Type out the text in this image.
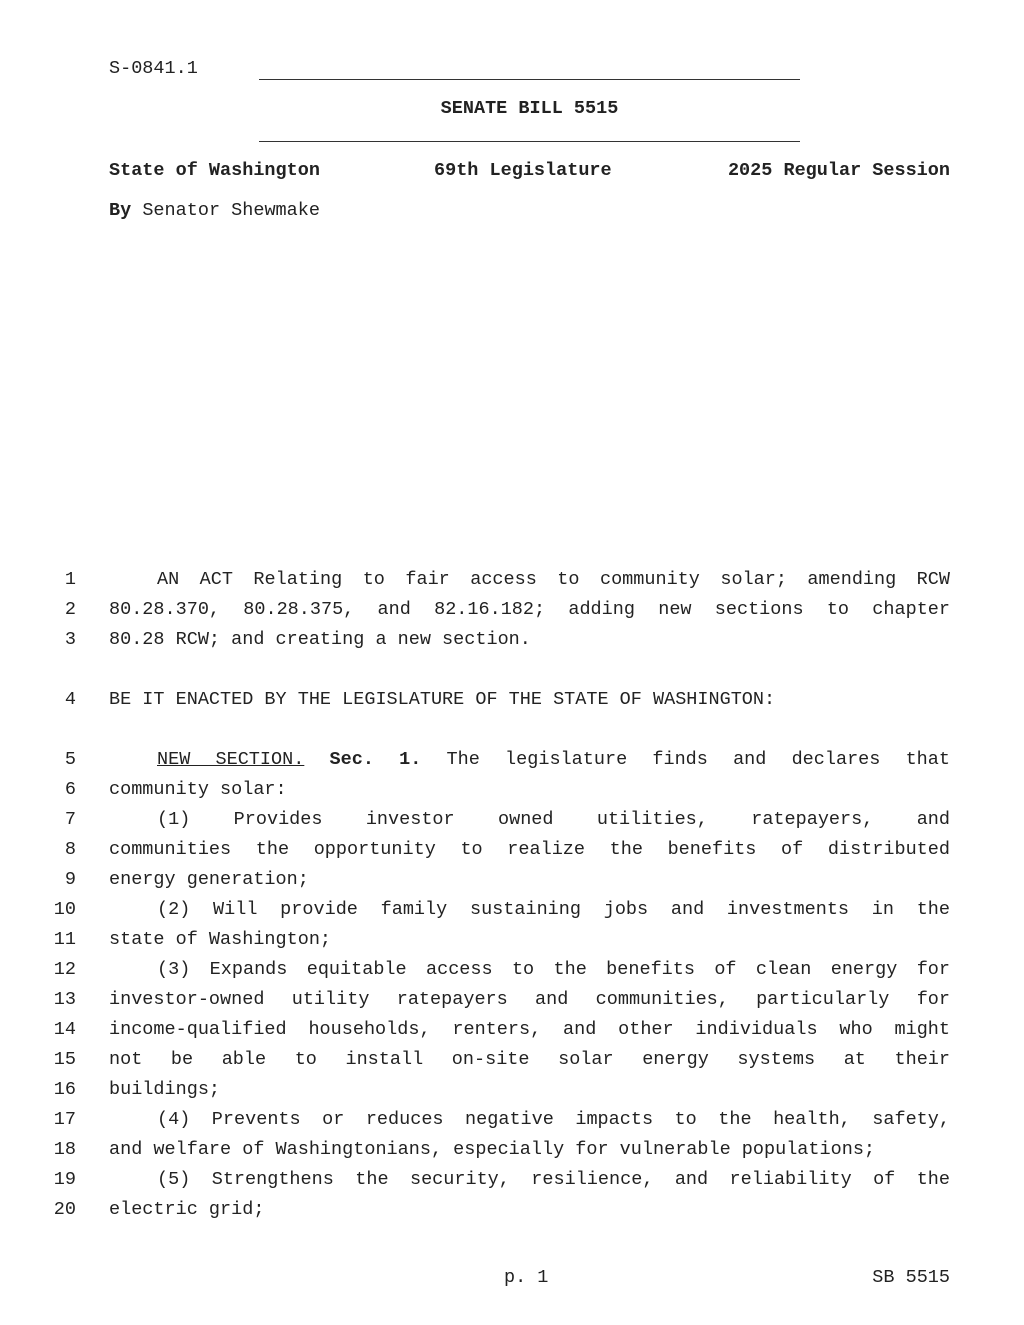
S-0841.1
SENATE BILL 5515
State of Washington	69th Legislature	2025 Regular Session
By Senator Shewmake
1	AN ACT Relating to fair access to community solar; amending RCW
2 80.28.370, 80.28.375, and 82.16.182; adding new sections to chapter
3 80.28 RCW; and creating a new section.
4 BE IT ENACTED BY THE LEGISLATURE OF THE STATE OF WASHINGTON:
5	NEW SECTION. Sec. 1. The legislature finds and declares that
6 community solar:
7	(1) Provides investor owned utilities, ratepayers, and
8 communities the opportunity to realize the benefits of distributed
9 energy generation;
10	(2) Will provide family sustaining jobs and investments in the
11 state of Washington;
12	(3) Expands equitable access to the benefits of clean energy for
13 investor-owned utility ratepayers and communities, particularly for
14 income-qualified households, renters, and other individuals who might
15 not be able to install on-site solar energy systems at their
16 buildings;
17	(4) Prevents or reduces negative impacts to the health, safety,
18 and welfare of Washingtonians, especially for vulnerable populations;
19	(5) Strengthens the security, resilience, and reliability of the
20 electric grid;
p. 1	SB 5515
